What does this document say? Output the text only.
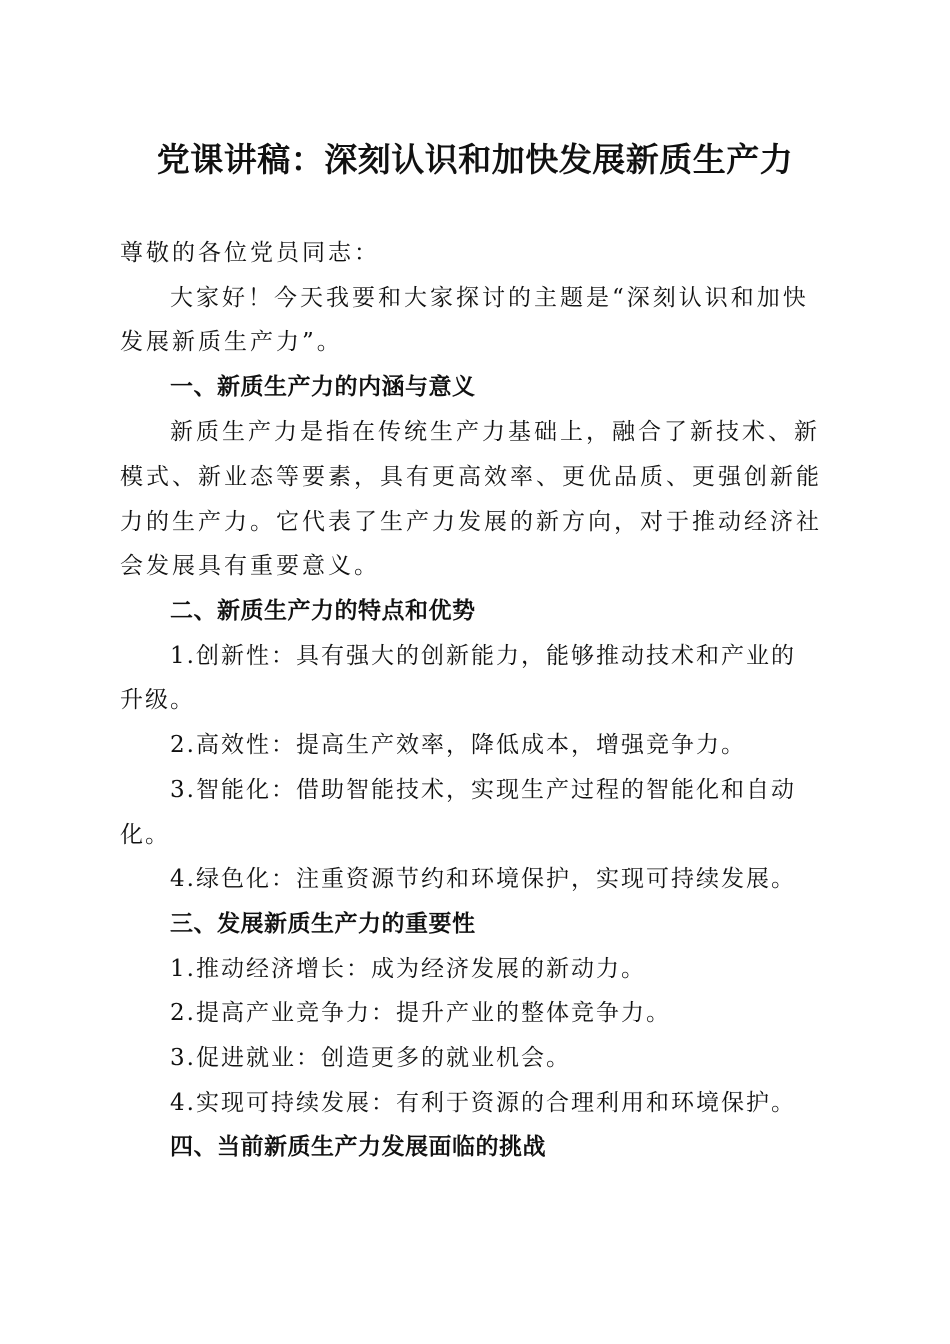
党课讲稿：深刻认识和加快发展新质生产力

尊敬的各位党员同志：

大家好！今天我要和大家探讨的主题是“深刻认识和加快

发展新质生产力”。

一、新质生产力的内涵与意义

新质生产力是指在传统生产力基础上，融合了新技术、新

模式、新业态等要素，具有更高效率、更优品质、更强创新能

力的生产力。它代表了生产力发展的新方向，对于推动经济社

会发展具有重要意义。

二、新质生产力的特点和优势

1.创新性：具有强大的创新能力，能够推动技术和产业的

升级。

2.高效性：提高生产效率，降低成本，增强竞争力。

3.智能化：借助智能技术，实现生产过程的智能化和自动

化。

4.绿色化：注重资源节约和环境保护，实现可持续发展。

三、发展新质生产力的重要性

1.推动经济增长：成为经济发展的新动力。

2.提高产业竞争力：提升产业的整体竞争力。

3.促进就业：创造更多的就业机会。

4.实现可持续发展：有利于资源的合理利用和环境保护。

四、当前新质生产力发展面临的挑战
